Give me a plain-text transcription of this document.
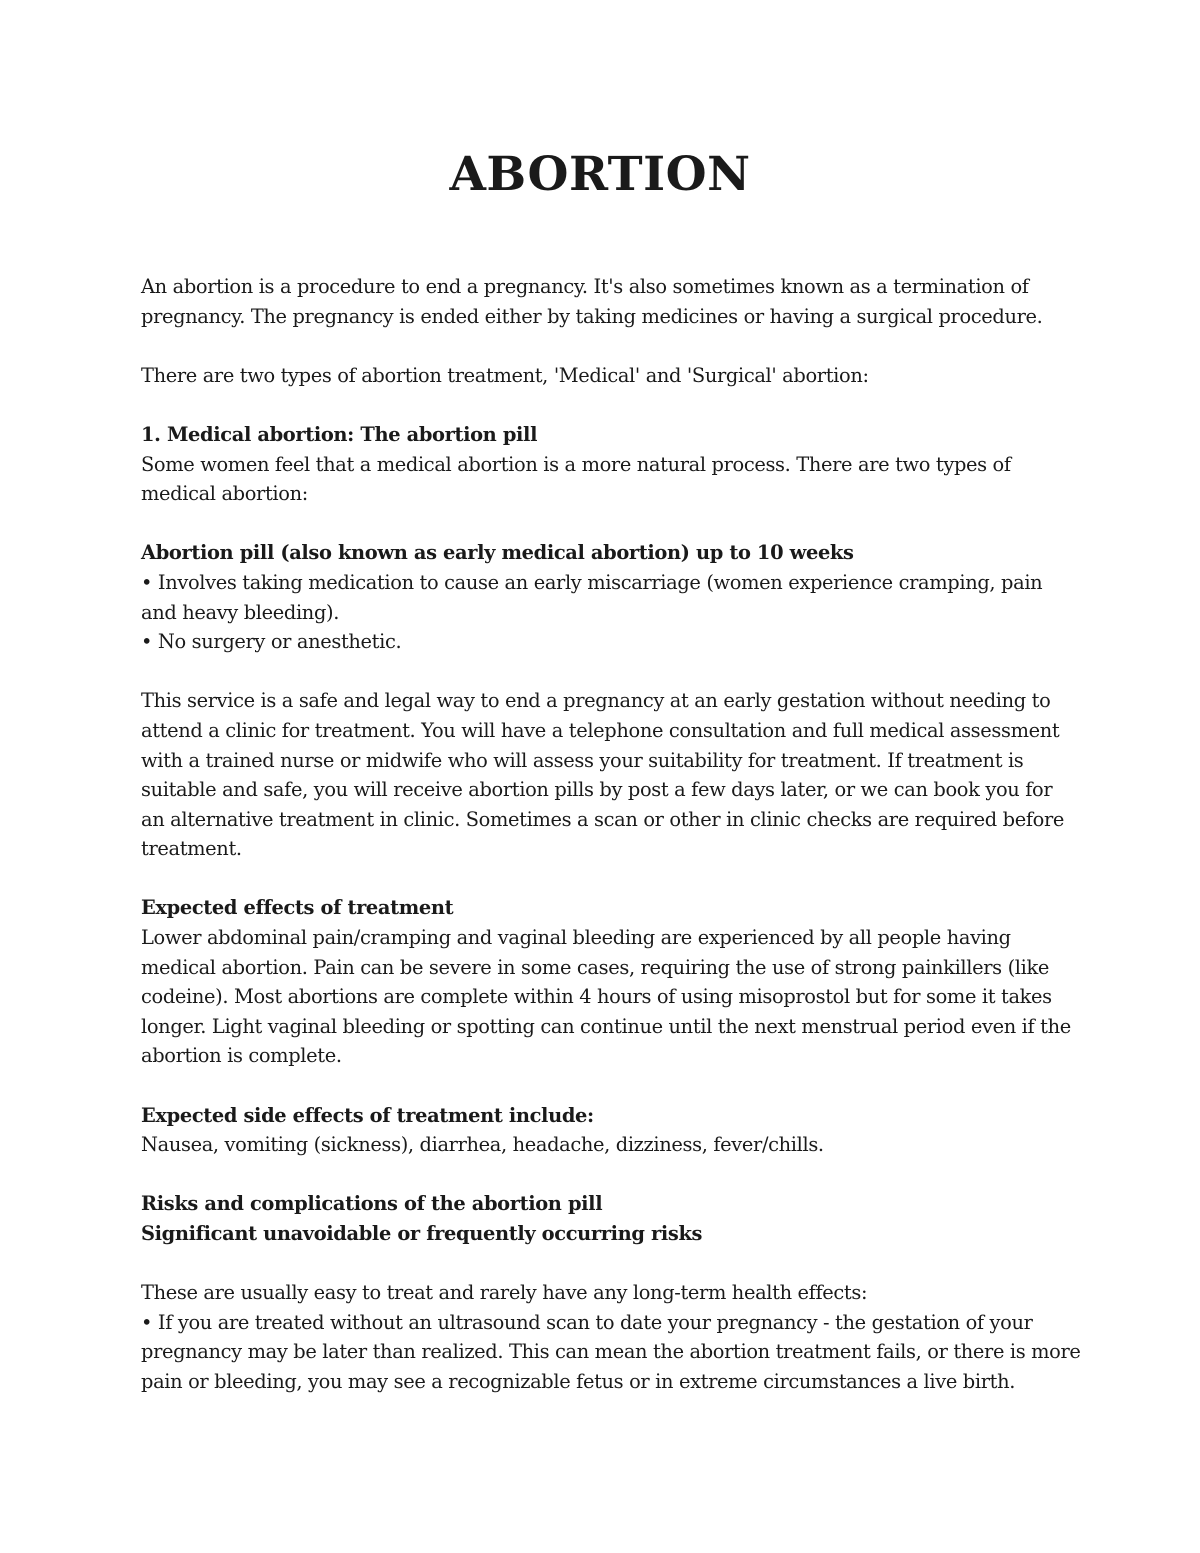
ABORTION

An abortion is a procedure to end a pregnancy. It's also sometimes known as a termination of

pregnancy. The pregnancy is ended either by taking medicines or having a surgical procedure.

There are two types of abortion treatment, 'Medical' and 'Surgical' abortion:

1. Medical abortion: The abortion pill

Some women feel that a medical abortion is a more natural process. There are two types of

medical abortion:

Abortion pill (also known as early medical abortion) up to 10 weeks

• Involves taking medication to cause an early miscarriage (women experience cramping, pain

and heavy bleeding).

• No surgery or anesthetic.

This service is a safe and legal way to end a pregnancy at an early gestation without needing to

attend a clinic for treatment. You will have a telephone consultation and full medical assessment

with a trained nurse or midwife who will assess your suitability for treatment. If treatment is

suitable and safe, you will receive abortion pills by post a few days later, or we can book you for

an alternative treatment in clinic. Sometimes a scan or other in clinic checks are required before

treatment.

Expected effects of treatment

Lower abdominal pain/cramping and vaginal bleeding are experienced by all people having

medical abortion. Pain can be severe in some cases, requiring the use of strong painkillers (like

codeine). Most abortions are complete within 4 hours of using misoprostol but for some it takes

longer. Light vaginal bleeding or spotting can continue until the next menstrual period even if the

abortion is complete.

Expected side effects of treatment include:

Nausea, vomiting (sickness), diarrhea, headache, dizziness, fever/chills.

Risks and complications of the abortion pill

Significant unavoidable or frequently occurring risks

These are usually easy to treat and rarely have any long-term health effects:

• If you are treated without an ultrasound scan to date your pregnancy - the gestation of your

pregnancy may be later than realized. This can mean the abortion treatment fails, or there is more

pain or bleeding, you may see a recognizable fetus or in extreme circumstances a live birth.
